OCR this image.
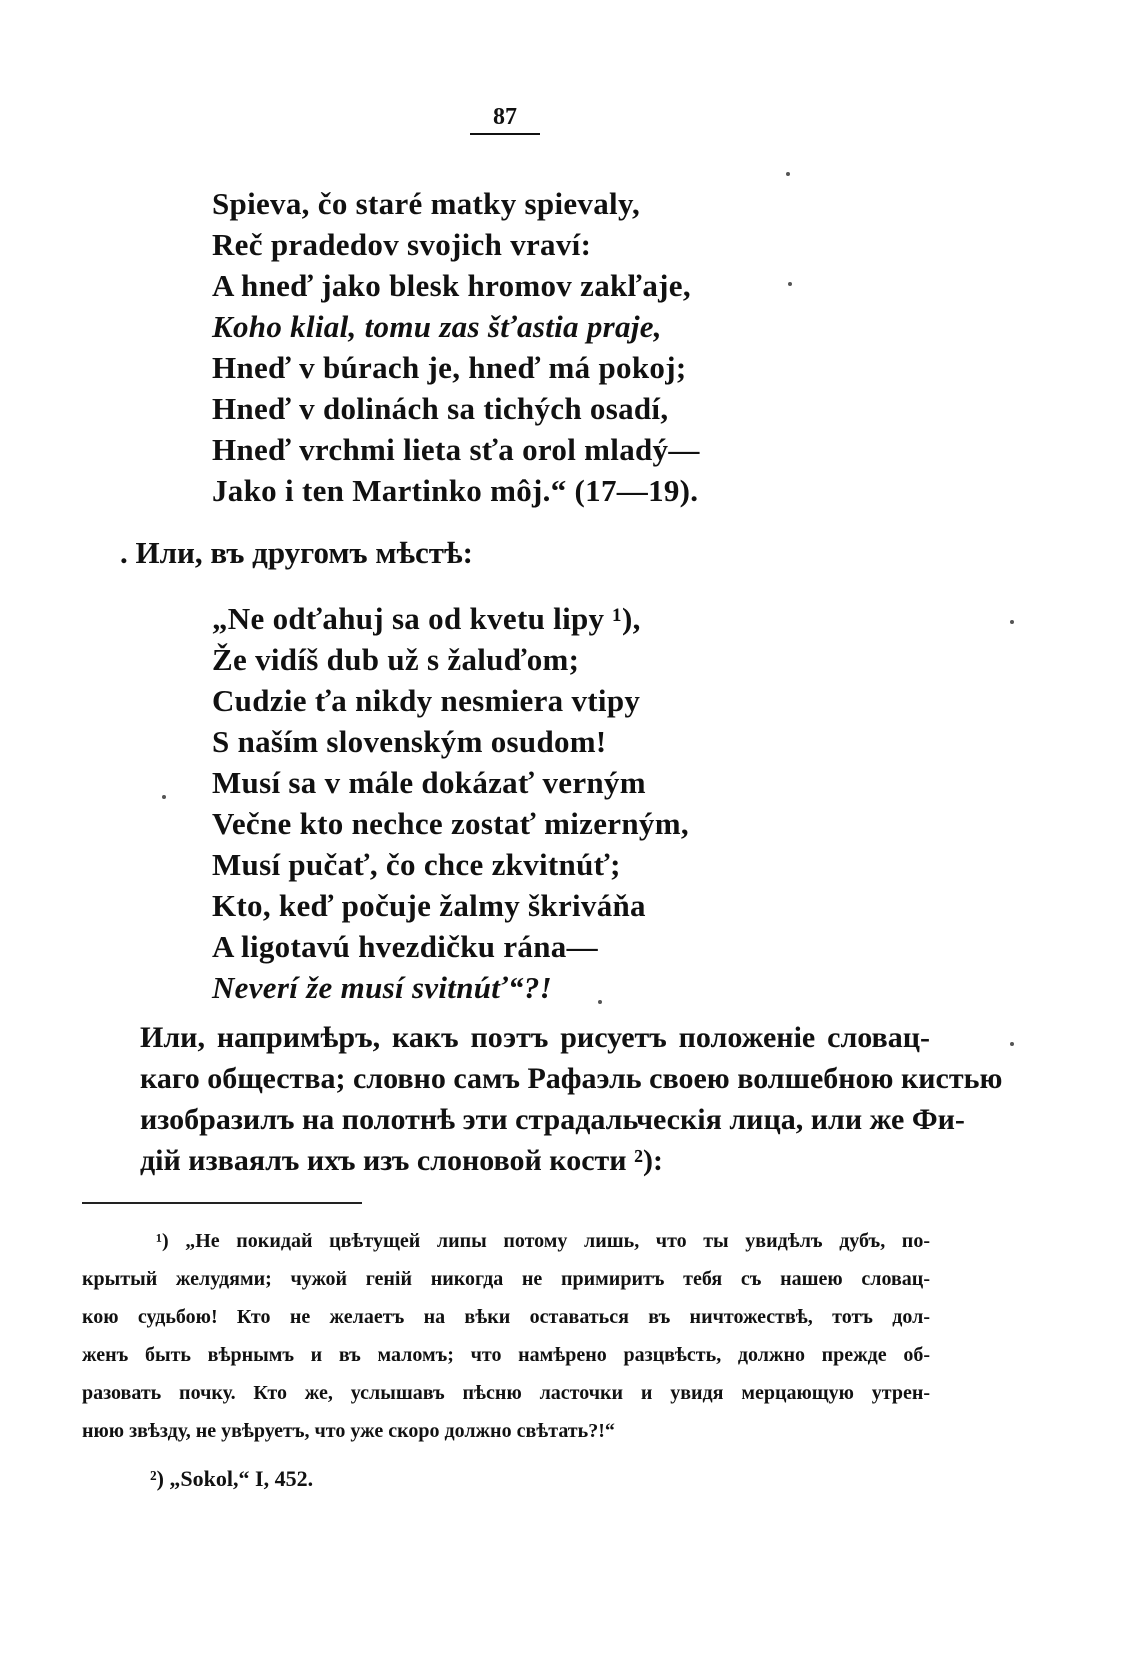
87
Spieva, čo staré matky spievaly,
Reč pradedov svojich vraví:
A hneď jako blesk hromov zakľaje,
Koho klial, tomu zas šťastia praje,
Hneď v búrach je, hneď má pokoj;
Hneď v dolinách sa tichých osadí,
Hneď vrchmi lieta sťa orol mladý—
Jako i ten Martinko môj.“ (17—19).
. Или, въ другомъ мѣстѣ:
„Ne odťahuj sa od kvetu lipy ¹),
Že vidíš dub už s žaluďom;
Cudzie ťa nikdy nesmiera vtipy
S naším slovenským osudom!
Musí sa v mále dokázať verným
Večne kto nechce zostať mizerným,
Musí pučať, čo chce zkvitnúť;
Kto, keď počuje žalmy škriváňa
A ligotavú hvezdičku rána—
Neverí že musí svitnúť“?!

Или, напримѣръ, какъ поэтъ рисуетъ положеніе словац-
каго общества; словно самъ Рафаэль своею волшебною кистью
изобразилъ на полотнѣ эти страдальческія лица, или же Фи-
дій изваялъ ихъ изъ слоновой кости ²):

¹) „Не покидай цвѣтущей липы потому лишь, что ты увидѣлъ дубъ, по-
крытый желудями; чужой геній никогда не примиритъ тебя съ нашею словац-
кою судьбою! Кто не желаетъ на вѣки оставаться въ ничтожествѣ, тотъ дол-
женъ быть вѣрнымъ и въ маломъ; что намѣрено разцвѣсть, должно прежде об-
разовать почку. Кто же, услышавъ пѣсню ласточки и увидя мерцающую утрен-
нюю звѣзду, не увѣруетъ, что уже скоро должно свѣтать?!“
²) „Sokol,“ I, 452.
